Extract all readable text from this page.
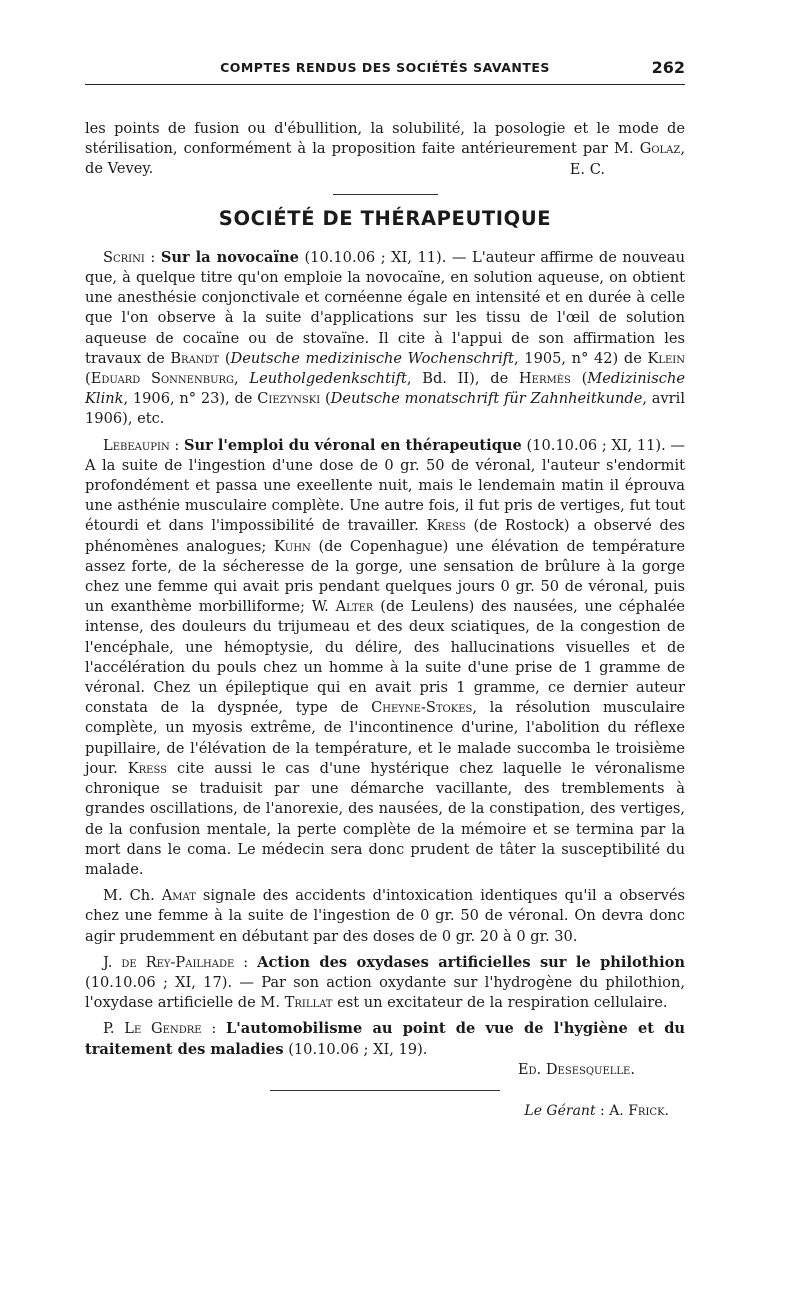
COMPTES RENDUS DES SOCIÉTÉS SAVANTES	262

les points de fusion ou d'ébullition, la solubilité, la posologie et le mode de stérilisation, conformément à la proposition faite antérieurement par M. Golaz, de Vevey.	E. C.

SOCIÉTÉ DE THÉRAPEUTIQUE

Scrini : Sur la novocaïne (10.10.06 ; XI, 11). — L'auteur affirme de nouveau que, à quelque titre qu'on emploie la novocaïne, en solution aqueuse, on obtient une anesthésie conjonctivale et cornéenne égale en intensité et en durée à celle que l'on observe à la suite d'applications sur les tissu de l'œil de solution aqueuse de cocaïne ou de stovaïne. Il cite à l'appui de son affirmation les travaux de Brandt (Deutsche medizinische Wochenschrift, 1905, n° 42) de Klein (Eduard Sonnenburg, Leutholgedenkschtift, Bd. II), de Hermès (Medizinische Klink, 1906, n° 23), de Ciezynski (Deutsche monatschrift für Zahnheitkunde, avril 1906), etc.

Lebeaupin : Sur l'emploi du véronal en thérapeutique (10.10.06 ; XI, 11). — A la suite de l'ingestion d'une dose de 0 gr. 50 de véronal, l'auteur s'endormit profondément et passa une exeellente nuit, mais le lendemain matin il éprouva une asthénie musculaire complète. Une autre fois, il fut pris de vertiges, fut tout étourdi et dans l'impossibilité de travailler. Kress (de Rostock) a observé des phénomènes analogues; Kuhn (de Copenhague) une élévation de température assez forte, de la sécheresse de la gorge, une sensation de brûlure à la gorge chez une femme qui avait pris pendant quelques jours 0 gr. 50 de véronal, puis un exanthème morbilliforme; W. Alter (de Leulens) des nausées, une céphalée intense, des douleurs du trijumeau et des deux sciatiques, de la congestion de l'encéphale, une hémoptysie, du délire, des hallucinations visuelles et de l'accélération du pouls chez un homme à la suite d'une prise de 1 gramme de véronal. Chez un épileptique qui en avait pris 1 gramme, ce dernier auteur constata de la dyspnée, type de Cheyne-Stokes, la résolution musculaire complète, un myosis extrême, de l'incontinence d'urine, l'abolition du réflexe pupillaire, de l'élévation de la température, et le malade succomba le troisième jour. Kress cite aussi le cas d'une hystérique chez laquelle le véronalisme chronique se traduisit par une démarche vacillante, des tremblements à grandes oscillations, de l'anorexie, des nausées, de la constipation, des vertiges, de la confusion mentale, la perte complète de la mémoire et se termina par la mort dans le coma. Le médecin sera donc prudent de tâter la susceptibilité du malade.

M. Ch. Amat signale des accidents d'intoxication identiques qu'il a observés chez une femme à la suite de l'ingestion de 0 gr. 50 de véronal. On devra donc agir prudemment en débutant par des doses de 0 gr. 20 à 0 gr. 30.

J. de Rey-Pailhade : Action des oxydases artificielles sur le philothion (10.10.06 ; XI, 17). — Par son action oxydante sur l'hydrogène du philothion, l'oxydase artificielle de M. Trillat est un excitateur de la respiration cellulaire.

P. Le Gendre : L'automobilisme au point de vue de l'hygiène et du traitement des maladies (10.10.06 ; XI, 19).

Ed. Desesquelle.

Le Gérant : A. Frick.
